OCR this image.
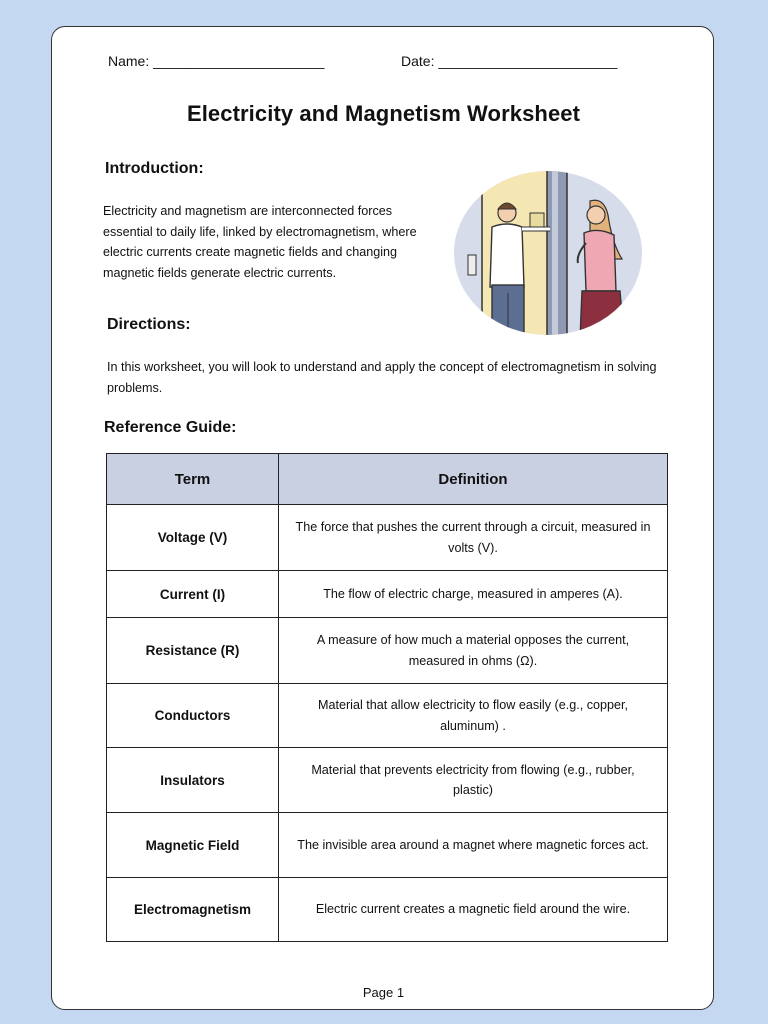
Name: ______________________	Date: _______________________
Electricity and Magnetism Worksheet
Introduction:
Electricity and magnetism are interconnected forces essential to daily life, linked by electromagnetism, where electric currents create magnetic fields and changing magnetic fields generate electric currents.
Directions:
In this worksheet, you will look to understand and apply the concept of electromagnetism in solving problems.
Reference Guide:
Term	Definition
Voltage (V)	The force that pushes the current through a circuit, measured in volts (V).
Current (I)	The flow of electric charge, measured in amperes (A).
Resistance (R)	A measure of how much a material opposes the current, measured in ohms (Ω).
Conductors	Material that allow electricity to flow easily (e.g., copper, aluminum) .
Insulators	Material that prevents electricity from flowing (e.g., rubber, plastic)
Magnetic Field	The invisible area around a magnet where magnetic forces act.
Electromagnetism	Electric current creates a magnetic field around the wire.
Page 1
